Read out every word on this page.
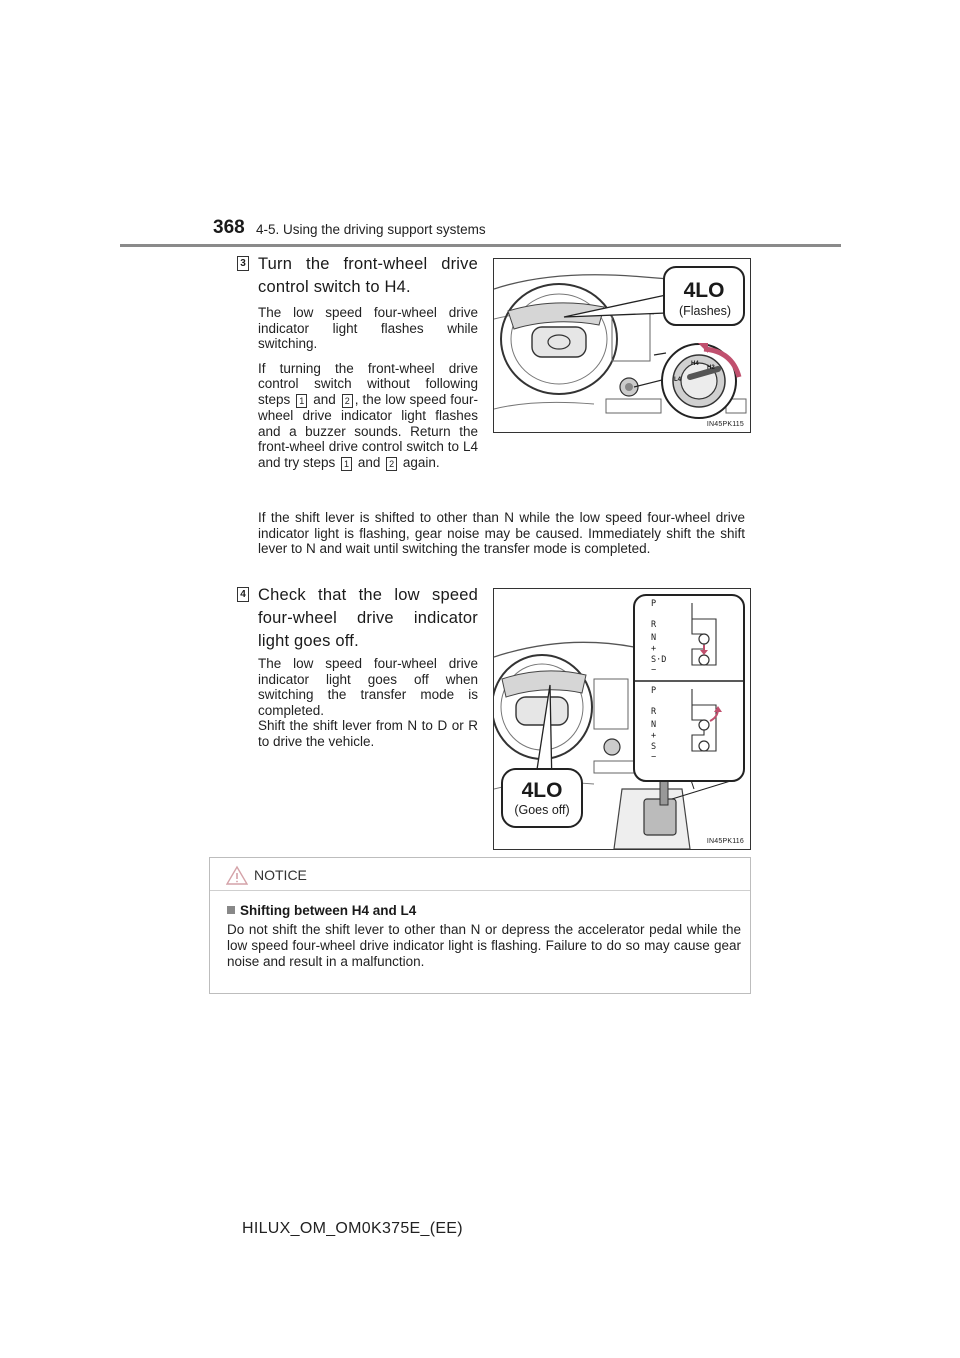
368 4-5. Using the driving support systems
3 Turn the front-wheel drive control switch to H4.

The low speed four-wheel drive indicator light flashes while switching.

If turning the front-wheel drive control switch without following steps 1 and 2 , the low speed four-wheel drive indicator light flashes and a buzzer sounds. Return the front-wheel drive control switch to L4 and try steps 1 and 2 again.

4LO
(Flashes)
H4
H2
L4
IN45PK115
If the shift lever is shifted to other than N while the low speed four-wheel drive indicator light is flashing, gear noise may be caused. Immediately shift the shift lever to N and wait until switching the transfer mode is completed.
4 Check that the low speed four-wheel drive indicator light goes off.

The low speed four-wheel drive indicator light goes off when switching the transfer mode is completed.

Shift the shift lever from N to D or R to drive the vehicle.

P
R
N
+
S·D
−
P
R
N
+
S
−
4LO
(Goes off)
IN45PK116
NOTICE
Shifting between H4 and L4
Do not shift the shift lever to other than N or depress the accelerator pedal while the low speed four-wheel drive indicator light is flashing. Failure to do so may cause gear noise and result in a malfunction.
HILUX_OM_OM0K375E_(EE)
